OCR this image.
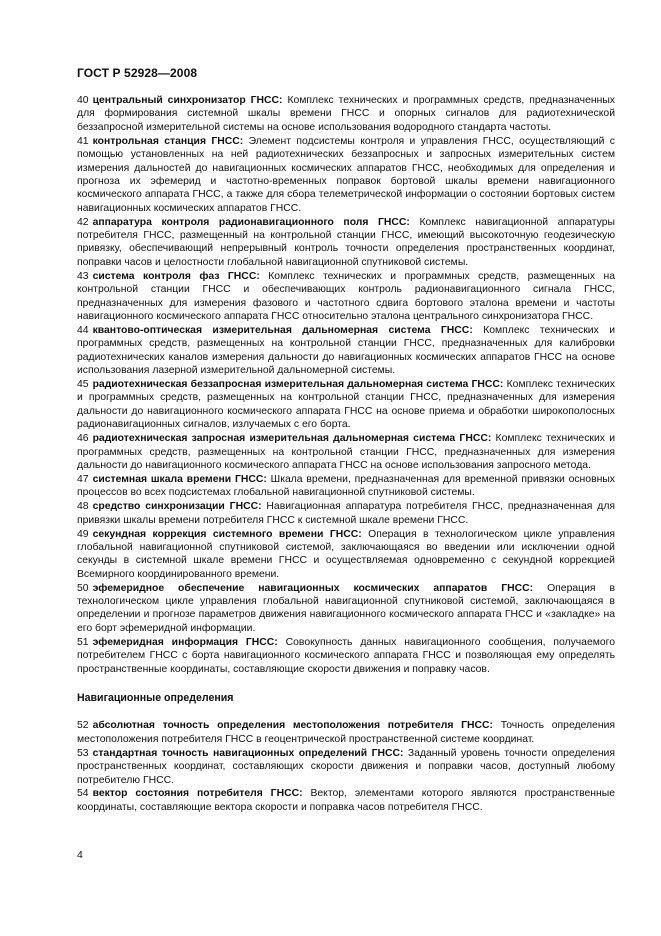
ГОСТ Р 52928—2008

40 центральный синхронизатор ГНСС: Комплекс технических и программных средств, предназначенных для формирования системной шкалы времени ГНСС и опорных сигналов для радиотехнической беззапросной измерительной системы на основе использования водородного стандарта частоты.

41 контрольная станция ГНСС: Элемент подсистемы контроля и управления ГНСС, осуществляющий с помощью установленных на ней радиотехнических беззапросных и запросных измерительных систем измерения дальностей до навигационных космических аппаратов ГНСС, необходимых для определения и прогноза их эфемерид и частотно-временных поправок бортовой шкалы времени навигационного космического аппарата ГНСС, а также для сбора телеметрической информации о состоянии бортовых систем навигационных космических аппаратов ГНСС.

42 аппаратура контроля радионавигационного поля ГНСС: Комплекс навигационной аппаратуры потребителя ГНСС, размещенный на контрольной станции ГНСС, имеющий высокоточную геодезическую привязку, обеспечивающий непрерывный контроль точности определения пространственных координат, поправки часов и целостности глобальной навигационной спутниковой системы.

43 система контроля фаз ГНСС: Комплекс технических и программных средств, размещенных на контрольной станции ГНСС и обеспечивающих контроль радионавигационного сигнала ГНСС, предназначенных для измерения фазового и частотного сдвига бортового эталона времени и частоты навигационного космического аппарата ГНСС относительно эталона центрального синхронизатора ГНСС.

44 квантово-оптическая измерительная дальномерная система ГНСС: Комплекс технических и программных средств, размещенных на контрольной станции ГНСС, предназначенных для калибровки радиотехнических каналов измерения дальности до навигационных космических аппаратов ГНСС на основе использования лазерной измерительной дальномерной системы.

45 радиотехническая беззапросная измерительная дальномерная система ГНСС: Комплекс технических и программных средств, размещенных на контрольной станции ГНСС, предназначенных для измерения дальности до навигационного космического аппарата ГНСС на основе приема и обработки широкополосных радионавигационных сигналов, излучаемых с его борта.

46 радиотехническая запросная измерительная дальномерная система ГНСС: Комплекс технических и программных средств, размещенных на контрольной станции ГНСС, предназначенных для измерения дальности до навигационного космического аппарата ГНСС на основе использования запросного метода.

47 системная шкала времени ГНСС: Шкала времени, предназначенная для временной привязки основных процессов во всех подсистемах глобальной навигационной спутниковой системы.

48 средство синхронизации ГНСС: Навигационная аппаратура потребителя ГНСС, предназначенная для привязки шкалы времени потребителя ГНСС к системной шкале времени ГНСС.

49 секундная коррекция системного времени ГНСС: Операция в технологическом цикле управления глобальной навигационной спутниковой системой, заключающаяся во введении или исключении одной секунды в системной шкале времени ГНСС и осуществляемая одновременно с секундной коррекцией Всемирного координированного времени.

50 эфемеридное обеспечение навигационных космических аппаратов ГНСС: Операция в технологическом цикле управления глобальной навигационной спутниковой системой, заключающаяся в определении и прогнозе параметров движения навигационного космического аппарата ГНСС и «закладке» на его борт эфемеридной информации.

51 эфемеридная информация ГНСС: Совокупность данных навигационного сообщения, получаемого потребителем ГНСС с борта навигационного космического аппарата ГНСС и позволяющая ему определять пространственные координаты, составляющие скорости движения и поправку часов.

Навигационные определения

52 абсолютная точность определения местоположения потребителя ГНСС: Точность определения местоположения потребителя ГНСС в геоцентрической пространственной системе координат.

53 стандартная точность навигационных определений ГНСС: Заданный уровень точности определения пространственных координат, составляющих скорости движения и поправки часов, доступный любому потребителю ГНСС.

54 вектор состояния потребителя ГНСС: Вектор, элементами которого являются пространственные координаты, составляющие вектора скорости и поправка часов потребителя ГНСС.

4
